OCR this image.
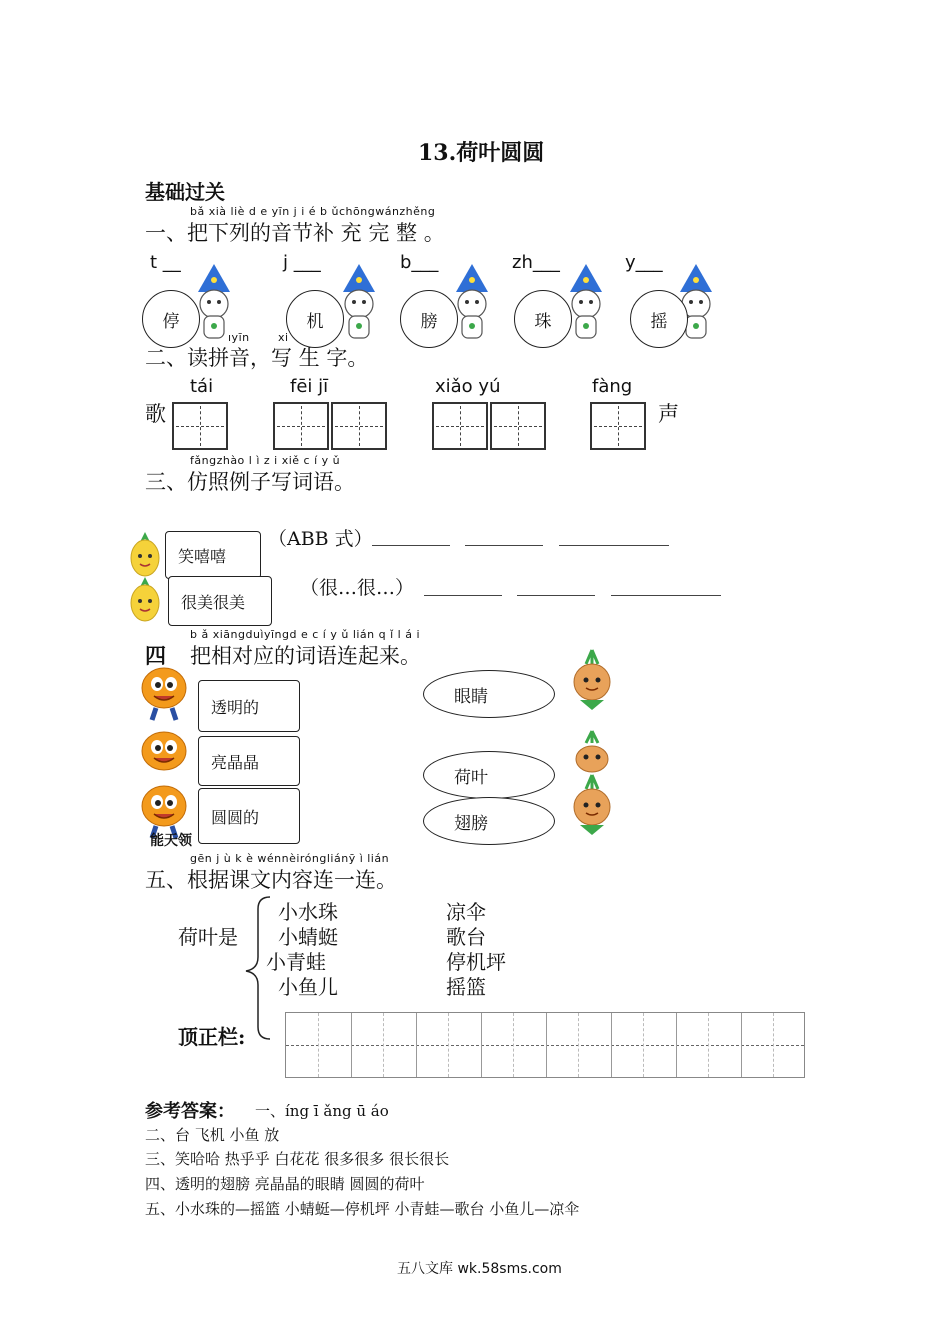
13.荷叶圆圆
基础过关
bǎ xià liè d e yīn j i é b ǔchōngwánzhěng
一、把下列的音节补 充 完 整 。
t __	j ___	b___	zh___	y___
停	机	膀	珠	摇
ıyīn	xi
二、读拼音，写 生 字。
tái	fēi jī	xiǎo yú	fàng
歌	声
fǎngzhào l ì z i xiě c í y ǔ
三、仿照例子写词语。
笑嘻嘻
（ABB 式）

很美很美
（很…很…）

b ǎ xiāngduìyīngd e c í y ǔ lián q ǐ l á i
四 把相对应的词语连起来。
能天领
透明的
亮晶晶
圆圆的
眼睛
荷叶
翅膀
gēn j ù k è wénnèiróngliánȳ ì lián
五、根据课文内容连一连。
荷叶是
小水珠
小蜻蜓
小青蛙
小鱼儿
凉伞
歌台
停机坪
摇篮
顶正栏:
参考答案： 一、íng ī ǎng ū áo
二、台 飞机 小鱼 放
三、笑哈哈 热乎乎 白花花 很多很多 很长很长
四、透明的翅膀 亮晶晶的眼睛 圆圆的荷叶
五、小水珠的—摇篮 小蜻蜓—停机坪 小青蛙—歌台 小鱼儿—凉伞
五八文库 wk.58sms.com
